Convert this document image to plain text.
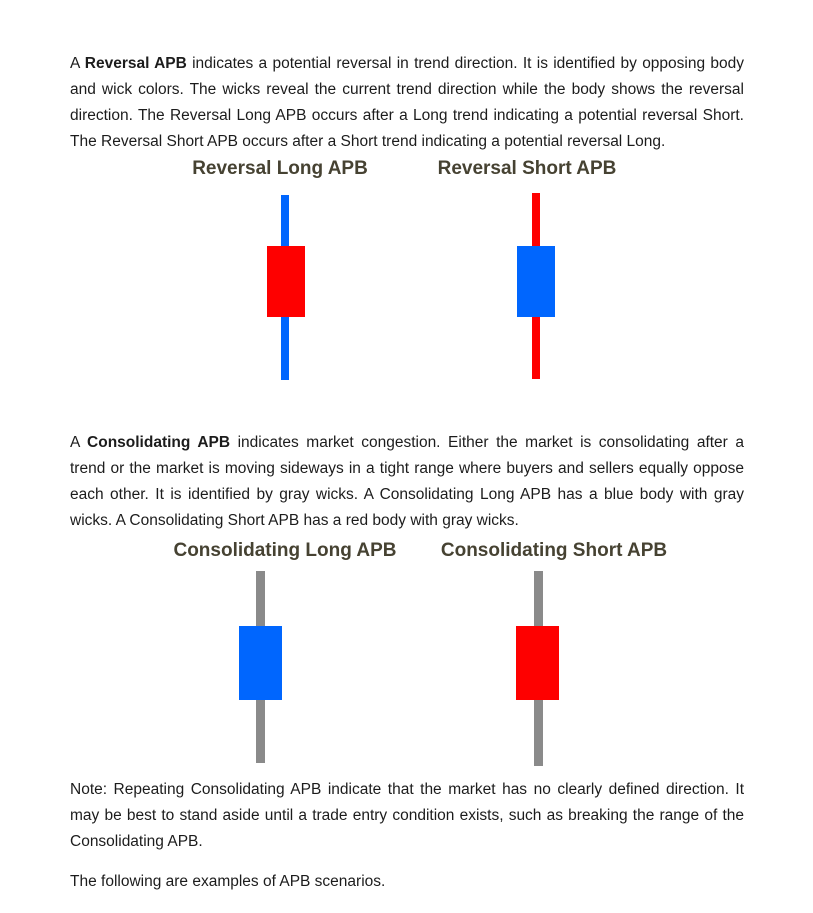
A Reversal APB indicates a potential reversal in trend direction. It is identified by opposing body and wick colors. The wicks reveal the current trend direction while the body shows the reversal direction. The Reversal Long APB occurs after a Long trend indicating a potential reversal Short. The Reversal Short APB occurs after a Short trend indicating a potential reversal Long.

Reversal Long APB	Reversal Short APB

A Consolidating APB indicates market congestion. Either the market is consolidating after a trend or the market is moving sideways in a tight range where buyers and sellers equally oppose each other. It is identified by gray wicks. A Consolidating Long APB has a blue body with gray wicks. A Consolidating Short APB has a red body with gray wicks.

Consolidating Long APB	Consolidating Short APB

Note: Repeating Consolidating APB indicate that the market has no clearly defined direction. It may be best to stand aside until a trade entry condition exists, such as breaking the range of the Consolidating APB.

The following are examples of APB scenarios.
